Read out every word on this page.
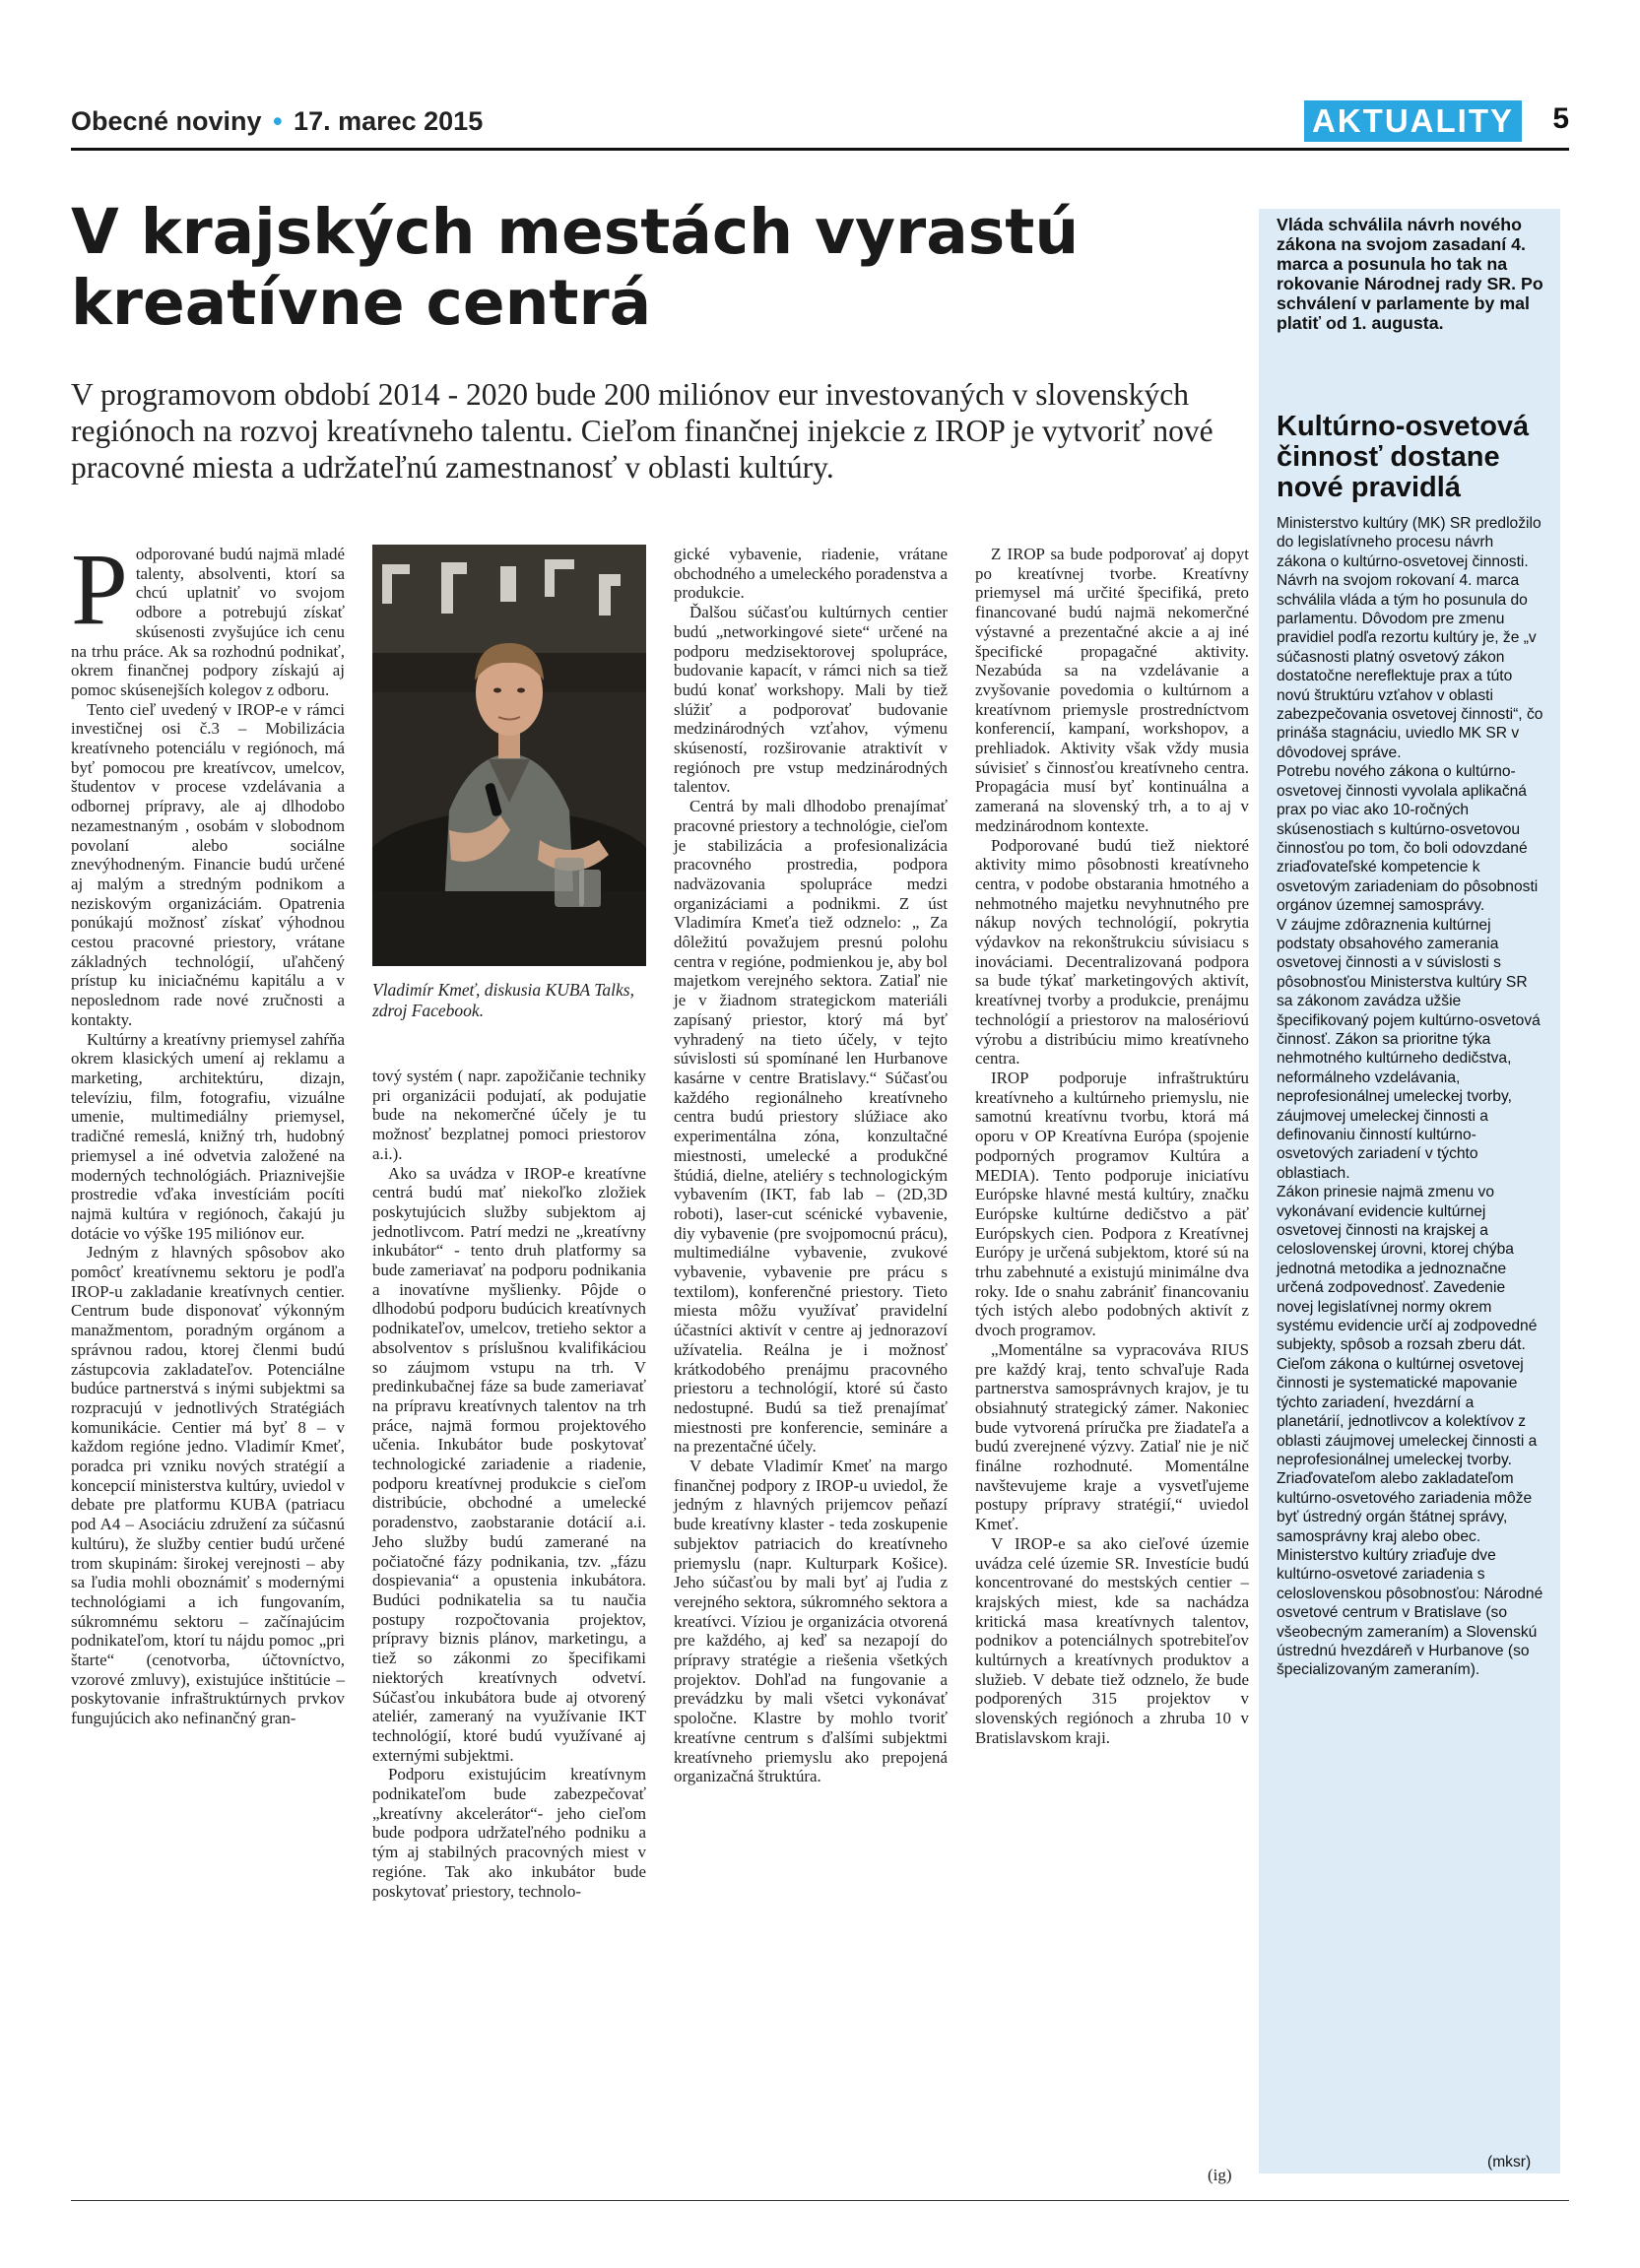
Obecné noviny • 17. marec 2015	AKTUALITY 5
V krajských mestách vyrastú
kreatívne centrá
V programovom období 2014 - 2020 bude 200 miliónov eur investovaných v slovenských regiónoch na rozvoj kreatívneho talentu. Cieľom finančnej injekcie z IROP je vytvoriť nové pracovné miesta a udržateľnú zamestnanosť v oblasti kultúry.

Podporované budú najmä mladé talenty, absolventi, ktorí sa chcú uplatniť vo svojom odbore a potrebujú získať skúsenosti zvyšujúce ich cenu na trhu práce. Ak sa rozhodnú podnikať, okrem finančnej podpory získajú aj pomoc skúsenejších kolegov z odboru.

Tento cieľ uvedený v IROP-e v rámci investičnej osi č.3 – Mobilizácia kreatívneho potenciálu v regiónoch, má byť pomocou pre kreatívcov, umelcov, študentov v procese vzdelávania a odbornej prípravy, ale aj dlhodobo nezamestnaným , osobám v slobodnom povolaní alebo sociálne znevýhodneným. Financie budú určené aj malým a stredným podnikom a neziskovým organizáciám. Opatrenia ponúkajú možnosť získať výhodnou cestou pracovné priestory, vrátane základných technológií, uľahčený prístup ku iniciačnému kapitálu a v neposlednom rade nové zručnosti a kontakty.

Kultúrny a kreatívny priemysel zahŕňa okrem klasických umení aj reklamu a marketing, architektúru, dizajn, televíziu, film, fotografiu, vizuálne umenie, multimediálny priemysel, tradičné remeslá, knižný trh, hudobný priemysel a iné odvetvia založené na moderných technológiách. Priaznivejšie prostredie vďaka investíciám pocíti najmä kultúra v regiónoch, čakajú ju dotácie vo výške 195 miliónov eur.

Jedným z hlavných spôsobov ako pomôcť kreatívnemu sektoru je podľa IROP-u zakladanie kreatívnych centier. Centrum bude disponovať výkonným manažmentom, poradným orgánom a správnou radou, ktorej členmi budú zástupcovia zakladateľov. Potenciálne budúce partnerstvá s inými subjektmi sa rozpracujú v jednotlivých Stratégiách komunikácie. Centier má byť 8 – v každom regióne jedno. Vladimír Kmeť, poradca pri vzniku nových stratégií a koncepcií ministerstva kultúry, uviedol v debate pre platformu KUBA (patriacu pod A4 – Asociáciu združení za súčasnú kultúru), že služby centier budú určené trom skupinám: širokej verejnosti – aby sa ľudia mohli oboznámiť s modernými technológiami a ich fungovaním, súkromnému sektoru – začínajúcim podnikateľom, ktorí tu nájdu pomoc „pri štarte“ (cenotvorba, účtovníctvo, vzorové zmluvy), existujúce inštitúcie – poskytovanie infraštruktúrnych prvkov fungujúcich ako nefinančný gran-

Vladimír Kmeť, diskusia KUBA Talks, zdroj Facebook.

tový systém ( napr. zapožičanie techniky pri organizácii podujatí, ak podujatie bude na nekomerčné účely je tu možnosť bezplatnej pomoci priestorov a.i.).

Ako sa uvádza v IROP-e kreatívne centrá budú mať niekoľko zložiek poskytujúcich služby subjektom aj jednotlivcom. Patrí medzi ne „kreatívny inkubátor“ - tento druh platformy sa bude zameriavať na podporu podnikania a inovatívne myšlienky. Pôjde o dlhodobú podporu budúcich kreatívnych podnikateľov, umelcov, tretieho sektor a absolventov s príslušnou kvalifikáciou so záujmom vstupu na trh. V predinkubačnej fáze sa bude zameriavať na prípravu kreatívnych talentov na trh práce, najmä formou projektového učenia. Inkubátor bude poskytovať technologické zariadenie a riadenie, podporu kreatívnej produkcie s cieľom distribúcie, obchodné a umelecké poradenstvo, zaobstaranie dotácií a.i. Jeho služby budú zamerané na počiatočné fázy podnikania, tzv. „fázu dospievania“ a opustenia inkubátora. Budúci podnikatelia sa tu naučia postupy rozpočtovania projektov, prípravy biznis plánov, marketingu, a tiež so zákonmi zo špecifikami niektorých kreatívnych odvetví. Súčasťou inkubátora bude aj otvorený ateliér, zameraný na využívanie IKT technológií, ktoré budú využívané aj externými subjektmi.

Podporu existujúcim kreatívnym podnikateľom bude zabezpečovať „kreatívny akcelerátor“- jeho cieľom bude podpora udržateľného podniku a tým aj stabilných pracovných miest v regióne. Tak ako inkubátor bude poskytovať priestory, technolo-

gické vybavenie, riadenie, vrátane obchodného a umeleckého poradenstva a produkcie.

Ďalšou súčasťou kultúrnych centier budú „networkingové siete“ určené na podporu medzisektorovej spolupráce, budovanie kapacít, v rámci nich sa tiež budú konať workshopy. Mali by tiež slúžiť a podporovať budovanie medzinárodných vzťahov, výmenu skúseností, rozširovanie atraktivít v regiónoch pre vstup medzinárodných talentov.

Centrá by mali dlhodobo prenajímať pracovné priestory a technológie, cieľom je stabilizácia a profesionalizácia pracovného prostredia, podpora nadväzovania spolupráce medzi organizáciami a podnikmi. Z úst Vladimíra Kmeťa tiež odznelo: „ Za dôležitú považujem presnú polohu centra v regióne, podmienkou je, aby bol majetkom verejného sektora. Zatiaľ nie je v žiadnom strategickom materiáli zapísaný priestor, ktorý má byť vyhradený na tieto účely, v tejto súvislosti sú spomínané len Hurbanove kasárne v centre Bratislavy.“ Súčasťou každého regionálneho kreatívneho centra budú priestory slúžiace ako experimentálna zóna, konzultačné miestnosti, umelecké a produkčné štúdiá, dielne, ateliéry s technologickým vybavením (IKT, fab lab – (2D,3D roboti), laser-cut scénické vybavenie, diy vybavenie (pre svojpomocnú prácu), multimediálne vybavenie, zvukové vybavenie, vybavenie pre prácu s textilom), konferenčné priestory. Tieto miesta môžu využívať pravidelní účastníci aktivít v centre aj jednorazoví užívatelia. Reálna je i možnosť krátkodobého prenájmu pracovného priestoru a technológií, ktoré sú často nedostupné. Budú sa tiež prenajímať miestnosti pre konferencie, semináre a na prezentačné účely.

V debate Vladimír Kmeť na margo finančnej podpory z IROP-u uviedol, že jedným z hlavných prijemcov peňazí bude kreatívny klaster - teda zoskupenie subjektov patriacich do kreatívneho priemyslu (napr. Kulturpark Košice). Jeho súčasťou by mali byť aj ľudia z verejného sektora, súkromného sektora a kreatívci. Víziou je organizácia otvorená pre každého, aj keď sa nezapojí do prípravy stratégie a riešenia všetkých projektov. Dohľad na fungovanie a prevádzku by mali všetci vykonávať spoločne. Klastre by mohlo tvoriť kreatívne centrum s ďalšími subjektmi kreatívneho priemyslu ako prepojená organizačná štruktúra.

Z IROP sa bude podporovať aj dopyt po kreatívnej tvorbe. Kreatívny priemysel má určité špecifiká, preto financované budú najmä nekomerčné výstavné a prezentačné akcie a aj iné špecifické propagačné aktivity. Nezabúda sa na vzdelávanie a zvyšovanie povedomia o kultúrnom a kreatívnom priemysle prostredníctvom konferencií, kampaní, workshopov, a prehliadok. Aktivity však vždy musia súvisieť s činnosťou kreatívneho centra. Propagácia musí byť kontinuálna a zameraná na slovenský trh, a to aj v medzinárodnom kontexte.

Podporované budú tiež niektoré aktivity mimo pôsobnosti kreatívneho centra, v podobe obstarania hmotného a nehmotného majetku nevyhnutného pre nákup nových technológií, pokrytia výdavkov na rekonštrukciu súvisiacu s inováciami. Decentralizovaná podpora sa bude týkať marketingových aktivít, kreatívnej tvorby a produkcie, prenájmu technológií a priestorov na malosériovú výrobu a distribúciu mimo kreatívneho centra.

IROP podporuje infraštruktúru kreatívneho a kultúrneho priemyslu, nie samotnú kreatívnu tvorbu, ktorá má oporu v OP Kreatívna Európa (spojenie podporných programov Kultúra a MEDIA). Tento podporuje iniciatívu Európske hlavné mestá kultúry, značku Európske kultúrne dedičstvo a päť Európskych cien. Podpora z Kreatívnej Európy je určená subjektom, ktoré sú na trhu zabehnuté a existujú minimálne dva roky. Ide o snahu zabrániť financovaniu tých istých alebo podobných aktivít z dvoch programov.

„Momentálne sa vypracováva RIUS pre každý kraj, tento schvaľuje Rada partnerstva samosprávnych krajov, je tu obsiahnutý strategický zámer. Nakoniec bude vytvorená príručka pre žiadateľa a budú zverejnené výzvy. Zatiaľ nie je nič finálne rozhodnuté. Momentálne navštevujeme kraje a vysvetľujeme postupy prípravy stratégií,“ uviedol Kmeť.

V IROP-e sa ako cieľové územie uvádza celé územie SR. Investície budú koncentrované do mestských centier – krajských miest, kde sa nachádza kritická masa kreatívnych talentov, podnikov a potenciálnych spotrebiteľov kultúrnych a kreatívnych produktov a služieb. V debate tiež odznelo, že bude podporených 315 projektov v slovenských regiónoch a zhruba 10 v Bratislavskom kraji.

(ig)
Vláda schválila návrh nového zákona na svojom zasadaní 4. marca a posunula ho tak na rokovanie Národnej rady SR. Po schválení v parlamente by mal platiť od 1. augusta.
Kultúrno-osvetová činnosť dostane nové pravidlá

Ministerstvo kultúry (MK) SR predložilo do legislatívneho procesu návrh zákona o kultúrno-osvetovej činnosti. Návrh na svojom rokovaní 4. marca schválila vláda a tým ho posunula do parlamentu. Dôvodom pre zmenu pravidiel podľa rezortu kultúry je, že „v súčasnosti platný osvetový zákon dostatočne nereflektuje prax a túto novú štruktúru vzťahov v oblasti zabezpečovania osvetovej činnosti“, čo prináša stagnáciu, uviedlo MK SR v dôvodovej správe.

Potrebu nového zákona o kultúrno-osvetovej činnosti vyvolala aplikačná prax po viac ako 10-ročných skúsenostiach s kultúrno-osvetovou činnosťou po tom, čo boli odovzdané zriaďovateľské kompetencie k osvetovým zariadeniam do pôsobnosti orgánov územnej samosprávy.

V záujme zdôraznenia kultúrnej podstaty obsahového zamerania osvetovej činnosti a v súvislosti s pôsobnosťou Ministerstva kultúry SR sa zákonom zavádza užšie špecifikovaný pojem kultúrno-osvetová činnosť. Zákon sa prioritne týka nehmotného kultúrneho dedičstva, neformálneho vzdelávania, neprofesionálnej umeleckej tvorby, záujmovej umeleckej činnosti a definovaniu činností kultúrno-osvetových zariadení v týchto oblastiach.

Zákon prinesie najmä zmenu vo vykonávaní evidencie kultúrnej osvetovej činnosti na krajskej a celoslovenskej úrovni, ktorej chýba jednotná metodika a jednoznačne určená zodpovednosť. Zavedenie novej legislatívnej normy okrem systému evidencie určí aj zodpovedné subjekty, spôsob a rozsah zberu dát. Cieľom zákona o kultúrnej osvetovej činnosti je systematické mapovanie týchto zariadení, hvezdární a planetárií, jednotlivcov a kolektívov z oblasti záujmovej umeleckej činnosti a neprofesionálnej umeleckej tvorby.

Zriaďovateľom alebo zakladateľom kultúrno-osvetového zariadenia môže byť ústredný orgán štátnej správy, samosprávny kraj alebo obec. Ministerstvo kultúry zriaďuje dve kultúrno-osvetové zariadenia s celoslovenskou pôsobnosťou: Národné osvetové centrum v Bratislave (so všeobecným zameraním) a Slovenskú ústrednú hvezdáreň v Hurbanove (so špecializovaným zameraním).

(mksr)
